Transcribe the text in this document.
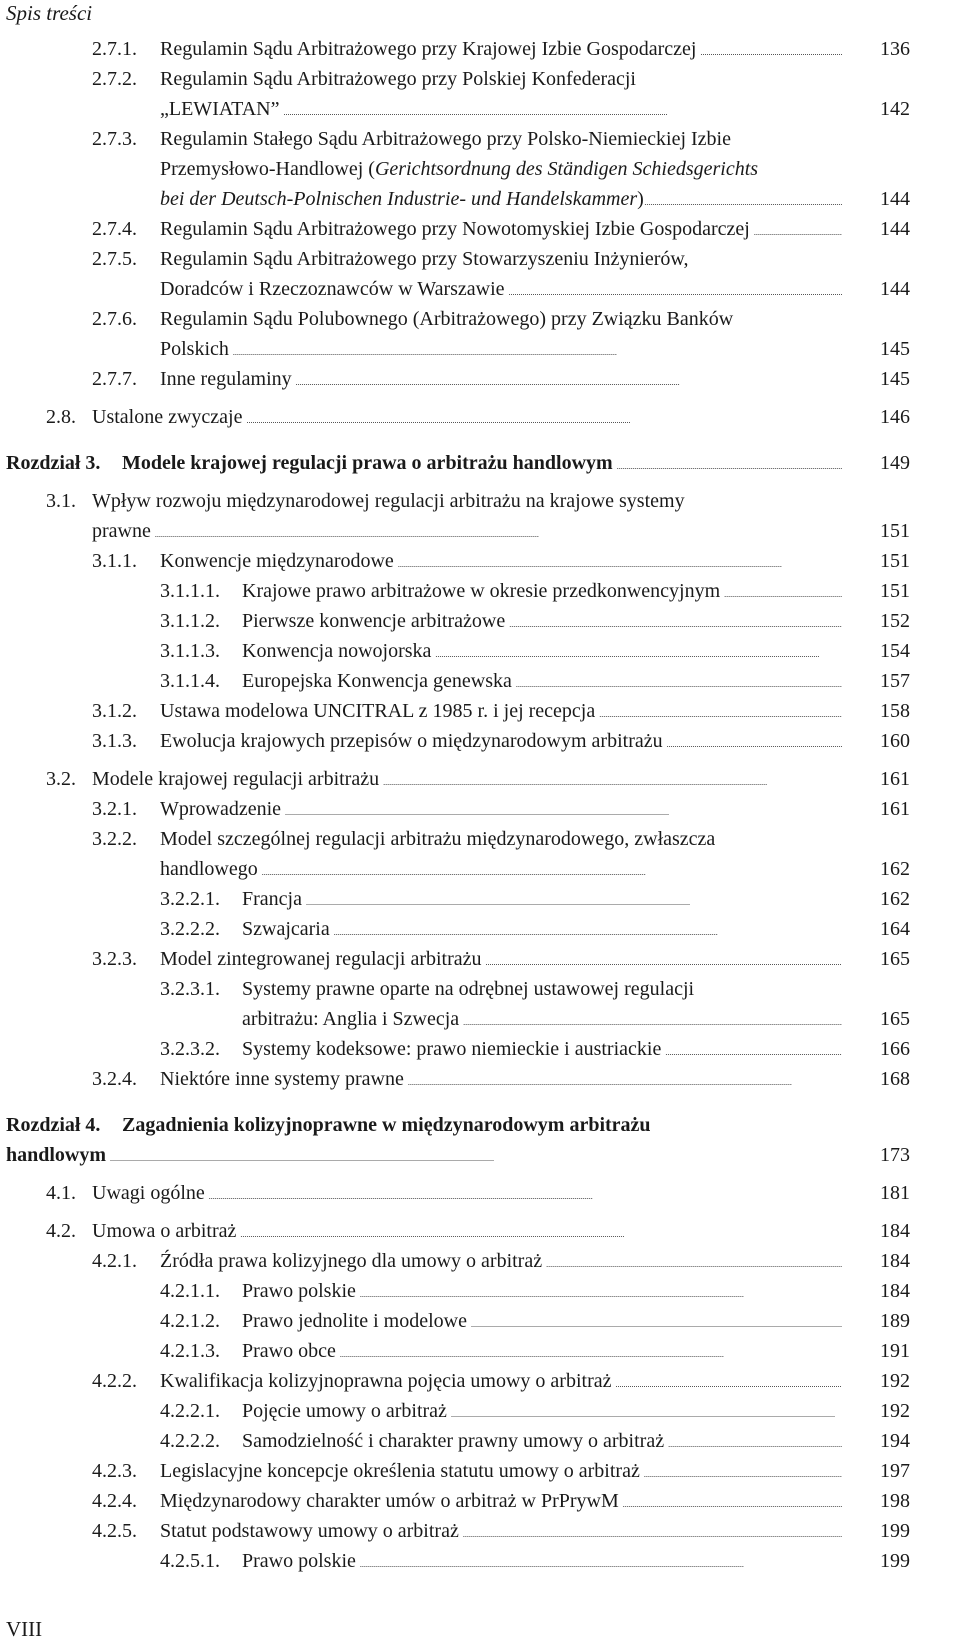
Spis treści
2.7.1. Regulamin Sądu Arbitrażowego przy Krajowej Izbie Gospodarczej . . .	136
2.7.2. Regulamin Sądu Arbitrażowego przy Polskiej Konfederacji
„LEWIATAN” . . .	142
2.7.3. Regulamin Stałego Sądu Arbitrażowego przy Polsko-Niemieckiej Izbie
Przemysłowo-Handlowej (Gerichtsordnung des Ständigen Schiedsgerichts
bei der Deutsch-Polnischen Industrie- und Handelskammer) . . .	144
2.7.4. Regulamin Sądu Arbitrażowego przy Nowotomyskiej Izbie Gospodarczej . . .	144
2.7.5. Regulamin Sądu Arbitrażowego przy Stowarzyszeniu Inżynierów,
Doradców i Rzeczoznawców w Warszawie . . .	144
2.7.6. Regulamin Sądu Polubownego (Arbitrażowego) przy Związku Banków
Polskich . . .	145
2.7.7. Inne regulaminy . . .	145
2.8. Ustalone zwyczaje . . .	146
Rozdział 3. Modele krajowej regulacji prawa o arbitrażu handlowym . . .	149
3.1. Wpływ rozwoju międzynarodowej regulacji arbitrażu na krajowe systemy
prawne . . .	151
3.1.1. Konwencje międzynarodowe . . .	151
3.1.1.1. Krajowe prawo arbitrażowe w okresie przedkonwencyjnym . . .	151
3.1.1.2. Pierwsze konwencje arbitrażowe . . .	152
3.1.1.3. Konwencja nowojorska . . .	154
3.1.1.4. Europejska Konwencja genewska . . .	157
3.1.2. Ustawa modelowa UNCITRAL z 1985 r. i jej recepcja . . .	158
3.1.3. Ewolucja krajowych przepisów o międzynarodowym arbitrażu . . .	160
3.2. Modele krajowej regulacji arbitrażu . . .	161
3.2.1. Wprowadzenie . . .	161
3.2.2. Model szczególnej regulacji arbitrażu międzynarodowego, zwłaszcza
handlowego . . .	162
3.2.2.1. Francja . . .	162
3.2.2.2. Szwajcaria . . .	164
3.2.3. Model zintegrowanej regulacji arbitrażu . . .	165
3.2.3.1. Systemy prawne oparte na odrębnej ustawowej regulacji
arbitrażu: Anglia i Szwecja . . .	165
3.2.3.2. Systemy kodeksowe: prawo niemieckie i austriackie . . .	166
3.2.4. Niektóre inne systemy prawne . . .	168
Rozdział 4. Zagadnienia kolizyjnoprawne w międzynarodowym arbitrażu
handlowym . . .	173
4.1. Uwagi ogólne . . .	181
4.2. Umowa o arbitraż . . .	184
4.2.1. Źródła prawa kolizyjnego dla umowy o arbitraż . . .	184
4.2.1.1. Prawo polskie . . .	184
4.2.1.2. Prawo jednolite i modelowe . . .	189
4.2.1.3. Prawo obce . . .	191
4.2.2. Kwalifikacja kolizyjnoprawna pojęcia umowy o arbitraż . . .	192
4.2.2.1. Pojęcie umowy o arbitraż . . .	192
4.2.2.2. Samodzielność i charakter prawny umowy o arbitraż . . .	194
4.2.3. Legislacyjne koncepcje określenia statutu umowy o arbitraż . . .	197
4.2.4. Międzynarodowy charakter umów o arbitraż w PrPrywM . . .	198
4.2.5. Statut podstawowy umowy o arbitraż . . .	199
4.2.5.1. Prawo polskie . . .	199
VIII
